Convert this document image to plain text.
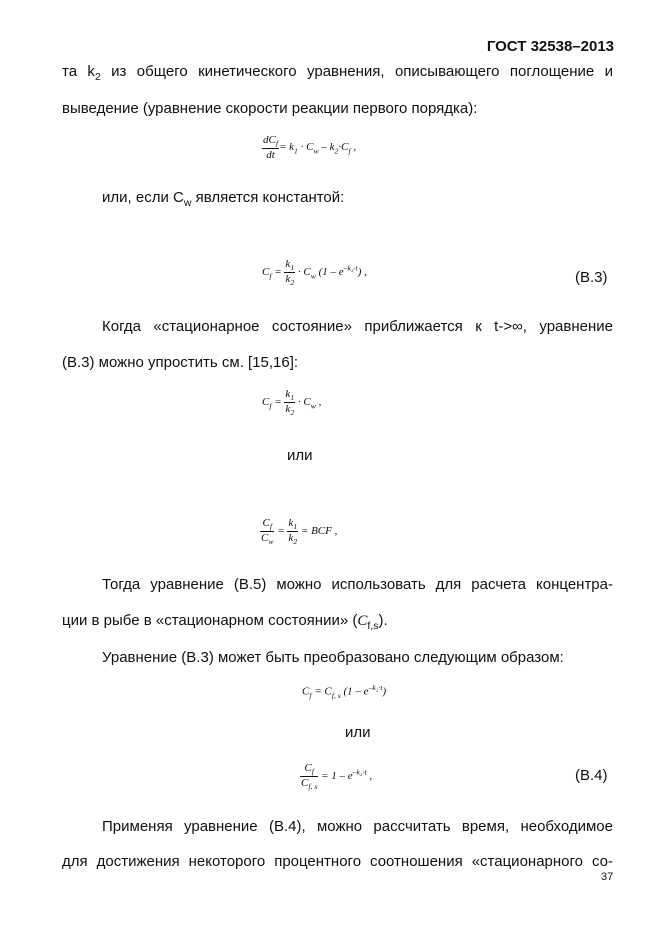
ГОСТ 32538–2013
та $k_2$ из общего кинетического уравнения, описывающего поглощение и
выведение (уравнение скорости реакции первого порядка):
$\frac{dC_f}{dt} = k_1 \cdot C_w - k_2\cdot C_f$ ,
или, если $C_w$ является константой:
$C_f = \frac{k_1}{k_2} \cdot C_w$ $(1 - e^{-k_2\cdot t})$ ,	(В.3)
Когда «стационарное состояние» приближается к t->∞, уравнение
(В.3) можно упростить см. [15,16]:
$C_f = \frac{k_1}{k_2} \cdot C_w$ ,
или
$\frac{C_f}{C_w} = \frac{k_1}{k_2}$ = BCF ,
Тогда уравнение (В.5) можно использовать для расчета концентра-
ции в рыбе в «стационарном состоянии» $(C_{f,s})$.
Уравнение (В.3) может быть преобразовано следующим образом:
$C_f = C_{f, s}$ $(1 - e^{-k_2\cdot t})$
или
$\frac{C_f}{C_{f, s}} = 1 - e^{-k_2\cdot t}$ ,	(В.4)
Применяя уравнение (В.4), можно рассчитать время, необходимое
для достижения некоторого процентного соотношения «стационарного со-
37
